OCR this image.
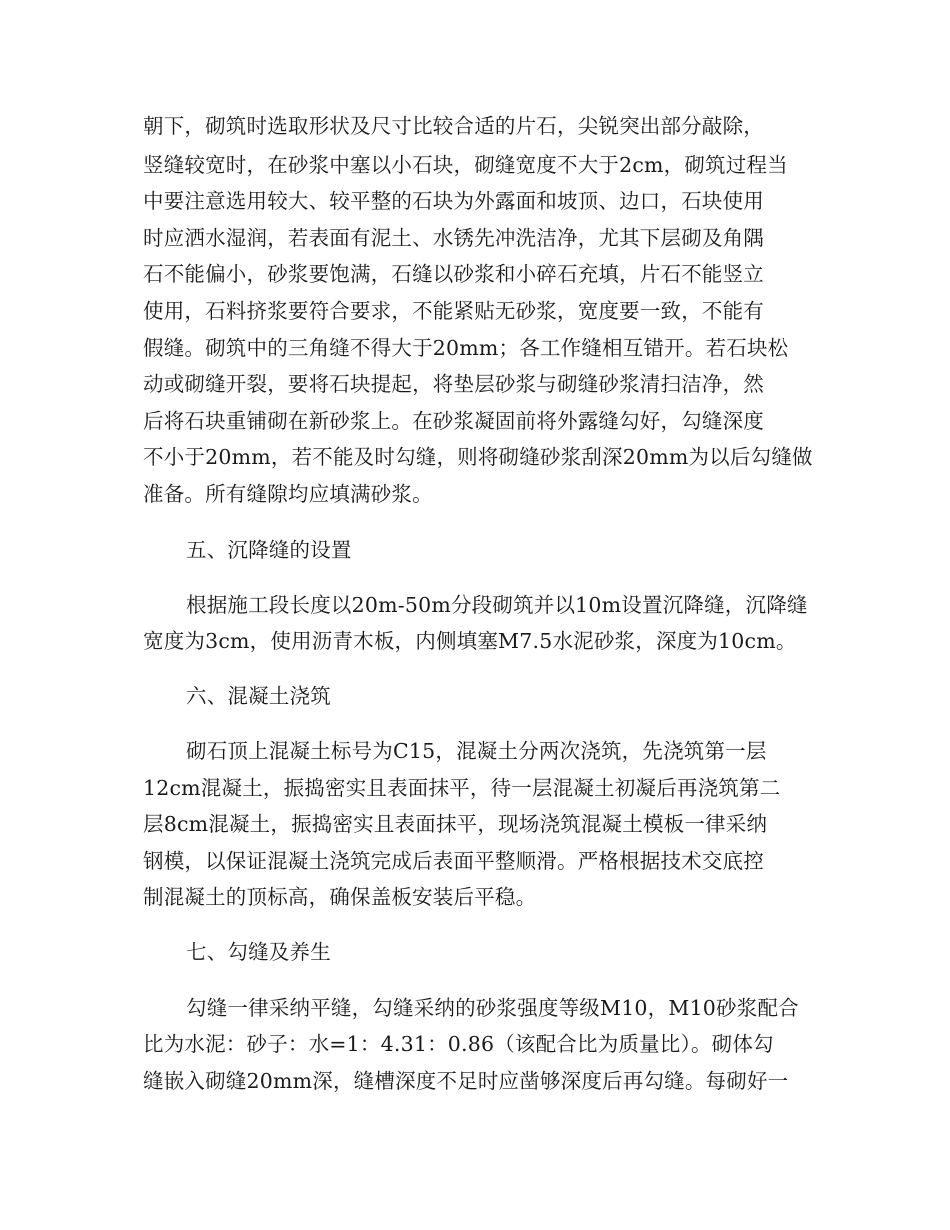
朝下，砌筑时选取形状及尺寸比较合适的片石，尖锐突出部分敲除，
竖缝较宽时，在砂浆中塞以小石块，砌缝宽度不大于2cm，砌筑过程当
中要注意选用较大、较平整的石块为外露面和坡顶、边口，石块使用
时应洒水湿润，若表面有泥土、水锈先冲洗洁净，尤其下层砌及角隅
石不能偏小，砂浆要饱满，石缝以砂浆和小碎石充填，片石不能竖立
使用，石料挤浆要符合要求，不能紧贴无砂浆，宽度要一致，不能有
假缝。砌筑中的三角缝不得大于20mm；各工作缝相互错开。若石块松
动或砌缝开裂，要将石块提起，将垫层砂浆与砌缝砂浆清扫洁净，然
后将石块重铺砌在新砂浆上。在砂浆凝固前将外露缝勾好，勾缝深度
不小于20mm，若不能及时勾缝，则将砌缝砂浆刮深20mm为以后勾缝做
准备。所有缝隙均应填满砂浆。
五、沉降缝的设置
根据施工段长度以20m-50m分段砌筑并以10m设置沉降缝，沉降缝
宽度为3cm，使用沥青木板，内侧填塞M7.5水泥砂浆，深度为10cm。
六、混凝土浇筑
砌石顶上混凝土标号为C15，混凝土分两次浇筑，先浇筑第一层
12cm混凝土，振捣密实且表面抹平，待一层混凝土初凝后再浇筑第二
层8cm混凝土，振捣密实且表面抹平，现场浇筑混凝土模板一律采纳
钢模，以保证混凝土浇筑完成后表面平整顺滑。严格根据技术交底控
制混凝土的顶标高，确保盖板安装后平稳。
七、勾缝及养生
勾缝一律采纳平缝，勾缝采纳的砂浆强度等级M10，M10砂浆配合
比为水泥：砂子：水=1：4.31：0.86（该配合比为质量比）。砌体勾
缝嵌入砌缝20mm深，缝槽深度不足时应凿够深度后再勾缝。每砌好一
